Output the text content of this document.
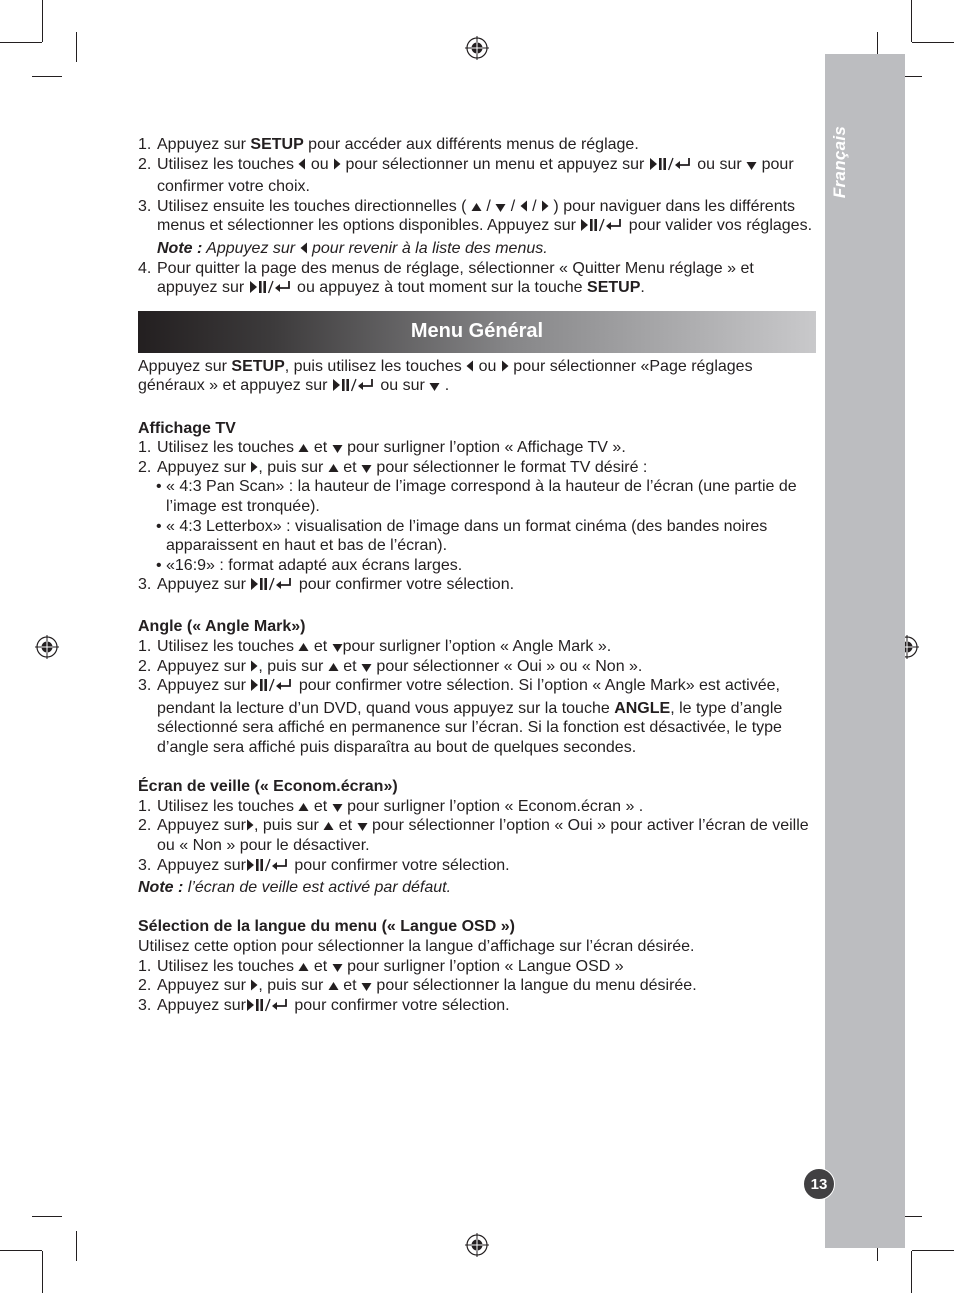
Français
13
1. Appuyez sur SETUP pour accéder aux différents menus de réglage.
2. Utilisez les touches
ou
pour sélectionner un menu et appuyez sur	ou sur
pour confirmer votre choix.
3. Utilisez ensuite les touches directionnelles (
/
/
/
) pour naviguer dans les différents menus et sélectionner les options disponibles. Appuyez sur	pour valider vos réglages.
Note : Appuyez sur
pour revenir à la liste des menus.
4. Pour quitter la page des menus de réglage, sélectionner « Quitter Menu réglage » et appuyez sur	ou appuyez à tout moment sur la touche SETUP.
Menu Général
Appuyez sur SETUP, puis utilisez les touches
ou
pour sélectionner «Page réglages généraux » et appuyez sur	ou sur
.
Affichage TV
1. Utilisez les touches
et
pour surligner l’option « Affichage TV ».
2. Appuyez sur
, puis sur
et
pour sélectionner le format TV désiré :
• « 4:3 Pan Scan» : la hauteur de l’image correspond à la hauteur de l’écran (une partie de l’image est tronquée).
• « 4:3 Letterbox» : visualisation de l’image dans un format cinéma (des bandes noires apparaissent en haut et bas de l’écran).
• «16:9» : format adapté aux écrans larges.
3. Appuyez sur	pour confirmer votre sélection.
Angle (« Angle Mark»)
1. Utilisez les touches
et
pour surligner l’option « Angle Mark ».
2. Appuyez sur
, puis sur
et
pour sélectionner « Oui » ou « Non ».
3. Appuyez sur	pour confirmer votre sélection. Si l’option « Angle Mark» est activée, pendant la lecture d’un DVD, quand vous appuyez sur la touche ANGLE, le type d’angle sélectionné sera affiché en permanence sur l’écran. Si la fonction est désactivée, le type d’angle sera affiché puis disparaîtra au bout de quelques secondes.
Écran de veille (« Econom.écran»)
1. Utilisez les touches
et
pour surligner l’option « Econom.écran » .
2. Appuyez sur , puis sur
et
pour sélectionner l’option « Oui » pour activer l’écran de veille ou « Non » pour le désactiver.
3. Appuyez sur	pour confirmer votre sélection.
Note : l’écran de veille est activé par défaut.
Sélection de la langue du menu (« Langue OSD »)
Utilisez cette option pour sélectionner la langue d’affichage sur l’écran désirée.
1. Utilisez les touches
et
pour surligner l’option « Langue OSD »
2. Appuyez sur
, puis sur
et
pour sélectionner la langue du menu désirée.
3. Appuyez sur	pour confirmer votre sélection.
